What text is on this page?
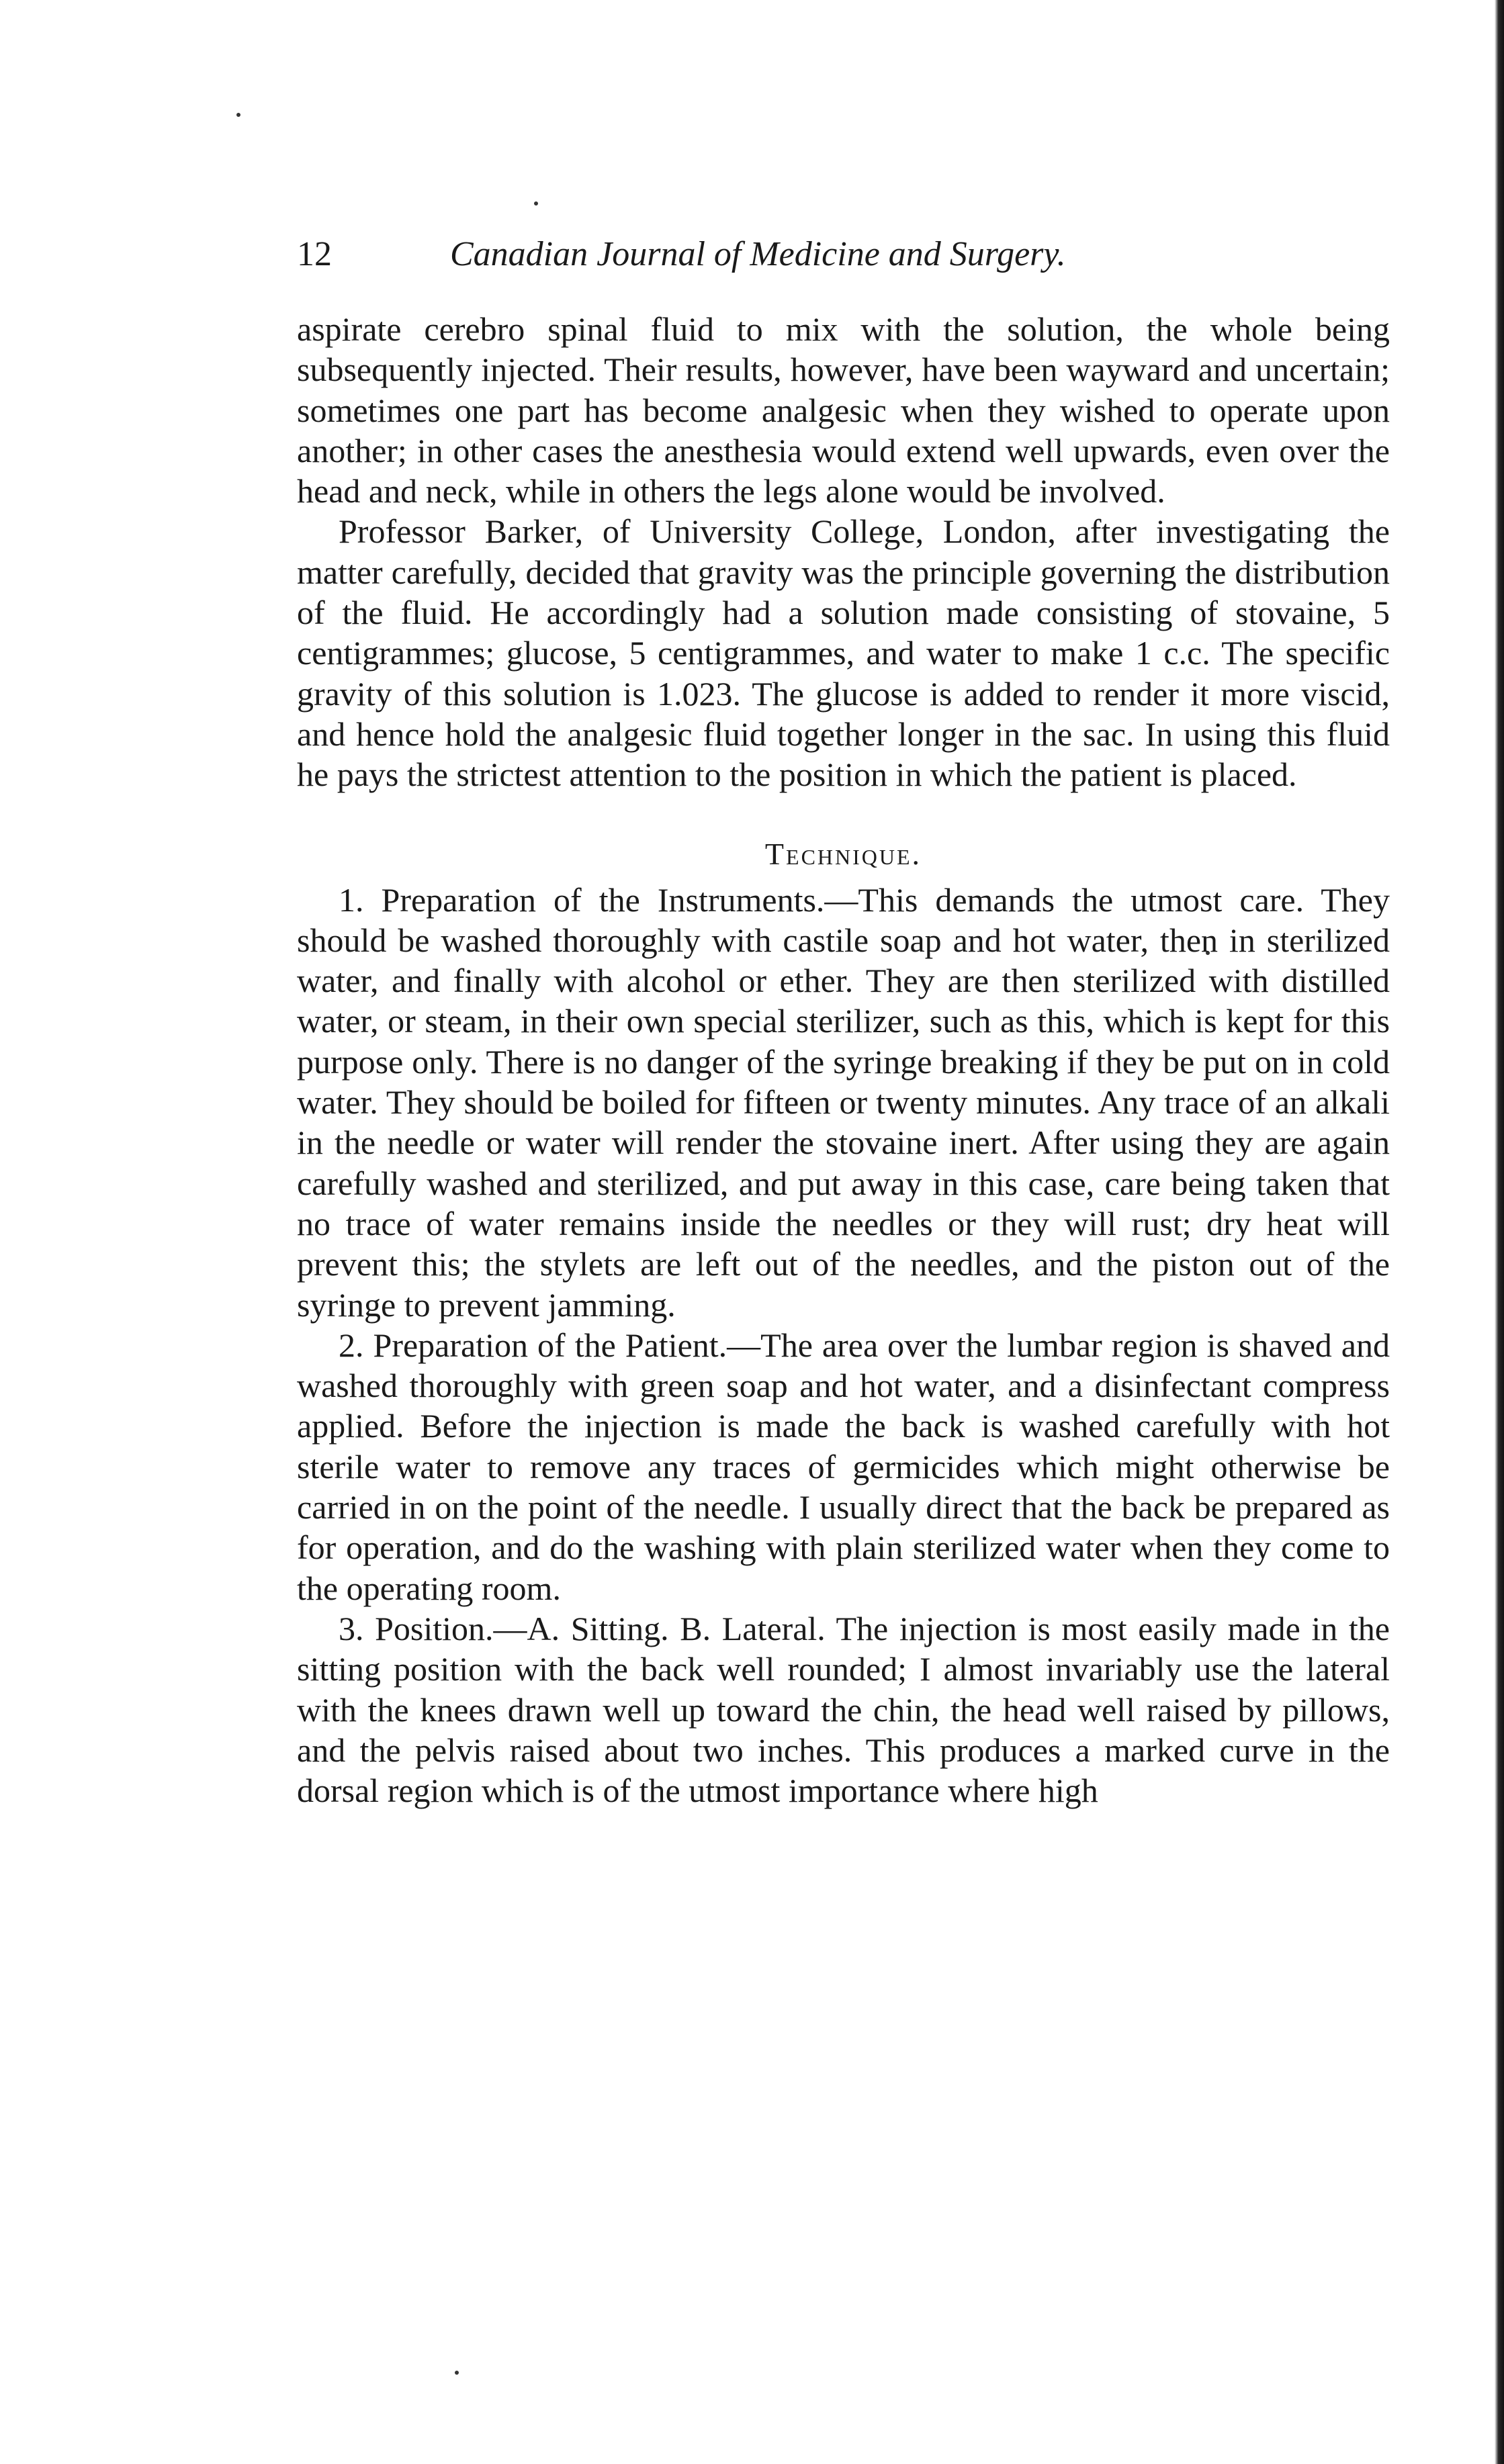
12	Canadian Journal of Medicine and Surgery.

aspirate cerebro spinal fluid to mix with the solution, the whole being subsequently injected. Their results, however, have been wayward and uncertain; sometimes one part has become analgesic when they wished to operate upon another; in other cases the anesthesia would extend well upwards, even over the head and neck, while in others the legs alone would be involved.

Professor Barker, of University College, London, after investigating the matter carefully, decided that gravity was the principle governing the distribution of the fluid. He accordingly had a solution made consisting of stovaine, 5 centigrammes; glucose, 5 centigrammes, and water to make 1 c.c. The specific gravity of this solution is 1.023. The glucose is added to render it more viscid, and hence hold the analgesic fluid together longer in the sac. In using this fluid he pays the strictest attention to the position in which the patient is placed.

Technique.

1. Preparation of the Instruments.—This demands the utmost care. They should be washed thoroughly with castile soap and hot water, then in sterilized water, and finally with alcohol or ether. They are then sterilized with distilled water, or steam, in their own special sterilizer, such as this, which is kept for this purpose only. There is no danger of the syringe breaking if they be put on in cold water. They should be boiled for fifteen or twenty minutes. Any trace of an alkali in the needle or water will render the stovaine inert. After using they are again carefully washed and sterilized, and put away in this case, care being taken that no trace of water remains inside the needles or they will rust; dry heat will prevent this; the stylets are left out of the needles, and the piston out of the syringe to prevent jamming.

2. Preparation of the Patient.—The area over the lumbar region is shaved and washed thoroughly with green soap and hot water, and a disinfectant compress applied. Before the injection is made the back is washed carefully with hot sterile water to remove any traces of germicides which might otherwise be carried in on the point of the needle. I usually direct that the back be prepared as for operation, and do the washing with plain sterilized water when they come to the operating room.

3. Position.—A. Sitting. B. Lateral. The injection is most easily made in the sitting position with the back well rounded; I almost invariably use the lateral with the knees drawn well up toward the chin, the head well raised by pillows, and the pelvis raised about two inches. This produces a marked curve in the dorsal region which is of the utmost importance where high
